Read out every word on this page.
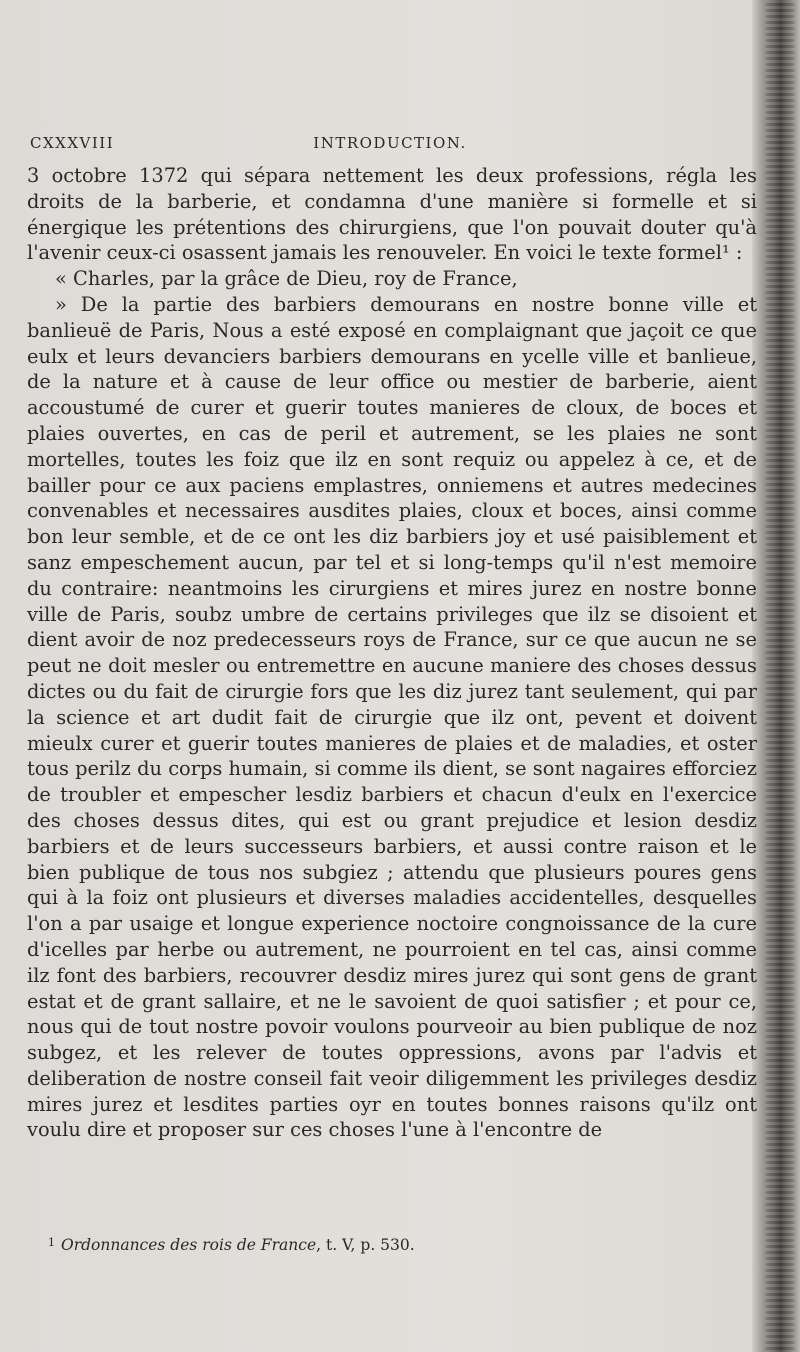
CXXXVIII	INTRODUCTION.

3 octobre 1372 qui sépara nettement les deux professions, régla les droits de la barberie, et condamna d'une manière si formelle et si énergique les prétentions des chirurgiens, que l'on pouvait douter qu'à l'avenir ceux-ci osassent jamais les renouveler. En voici le texte formel¹ :

« Charles, par la grâce de Dieu, roy de France,

» De la partie des barbiers demourans en nostre bonne ville et banlieuë de Paris, Nous a esté exposé en complaignant que jaçoit ce que eulx et leurs devanciers barbiers demourans en ycelle ville et banlieue, de la nature et à cause de leur office ou mestier de barberie, aient accoustumé de curer et guerir toutes manieres de cloux, de boces et plaies ouvertes, en cas de peril et autrement, se les plaies ne sont mortelles, toutes les foiz que ilz en sont requiz ou appelez à ce, et de bailler pour ce aux paciens emplastres, onniemens et autres medecines convenables et necessaires ausdites plaies, cloux et boces, ainsi comme bon leur semble, et de ce ont les diz barbiers joy et usé paisiblement et sanz empeschement aucun, par tel et si long-temps qu'il n'est memoire du contraire: neantmoins les cirurgiens et mires jurez en nostre bonne ville de Paris, soubz umbre de certains privileges que ilz se disoient et dient avoir de noz predecesseurs roys de France, sur ce que aucun ne se peut ne doit mesler ou entremettre en aucune maniere des choses dessus dictes ou du fait de cirurgie fors que les diz jurez tant seulement, qui par la science et art dudit fait de cirurgie que ilz ont, pevent et doivent mieulx curer et guerir toutes manieres de plaies et de maladies, et oster tous perilz du corps humain, si comme ils dient, se sont nagaires efforciez de troubler et empescher lesdiz barbiers et chacun d'eulx en l'exercice des choses dessus dites, qui est ou grant prejudice et lesion desdiz barbiers et de leurs successeurs barbiers, et aussi contre raison et le bien publique de tous nos subgiez ; attendu que plusieurs poures gens qui à la foiz ont plusieurs et diverses maladies accidentelles, desquelles l'on a par usaige et longue experience noctoire congnoissance de la cure d'icelles par herbe ou autrement, ne pourroient en tel cas, ainsi comme ilz font des barbiers, recouvrer desdiz mires jurez qui sont gens de grant estat et de grant sallaire, et ne le savoient de quoi satisfier ; et pour ce, nous qui de tout nostre povoir voulons pourveoir au bien publique de noz subgez, et les relever de toutes oppressions, avons par l'advis et deliberation de nostre conseil fait veoir diligemment les privileges desdiz mires jurez et lesdites parties oyr en toutes bonnes raisons qu'ilz ont voulu dire et proposer sur ces choses l'une à l'encontre de

$^1$ Ordonnances des rois de France, t. V, p. 530.
